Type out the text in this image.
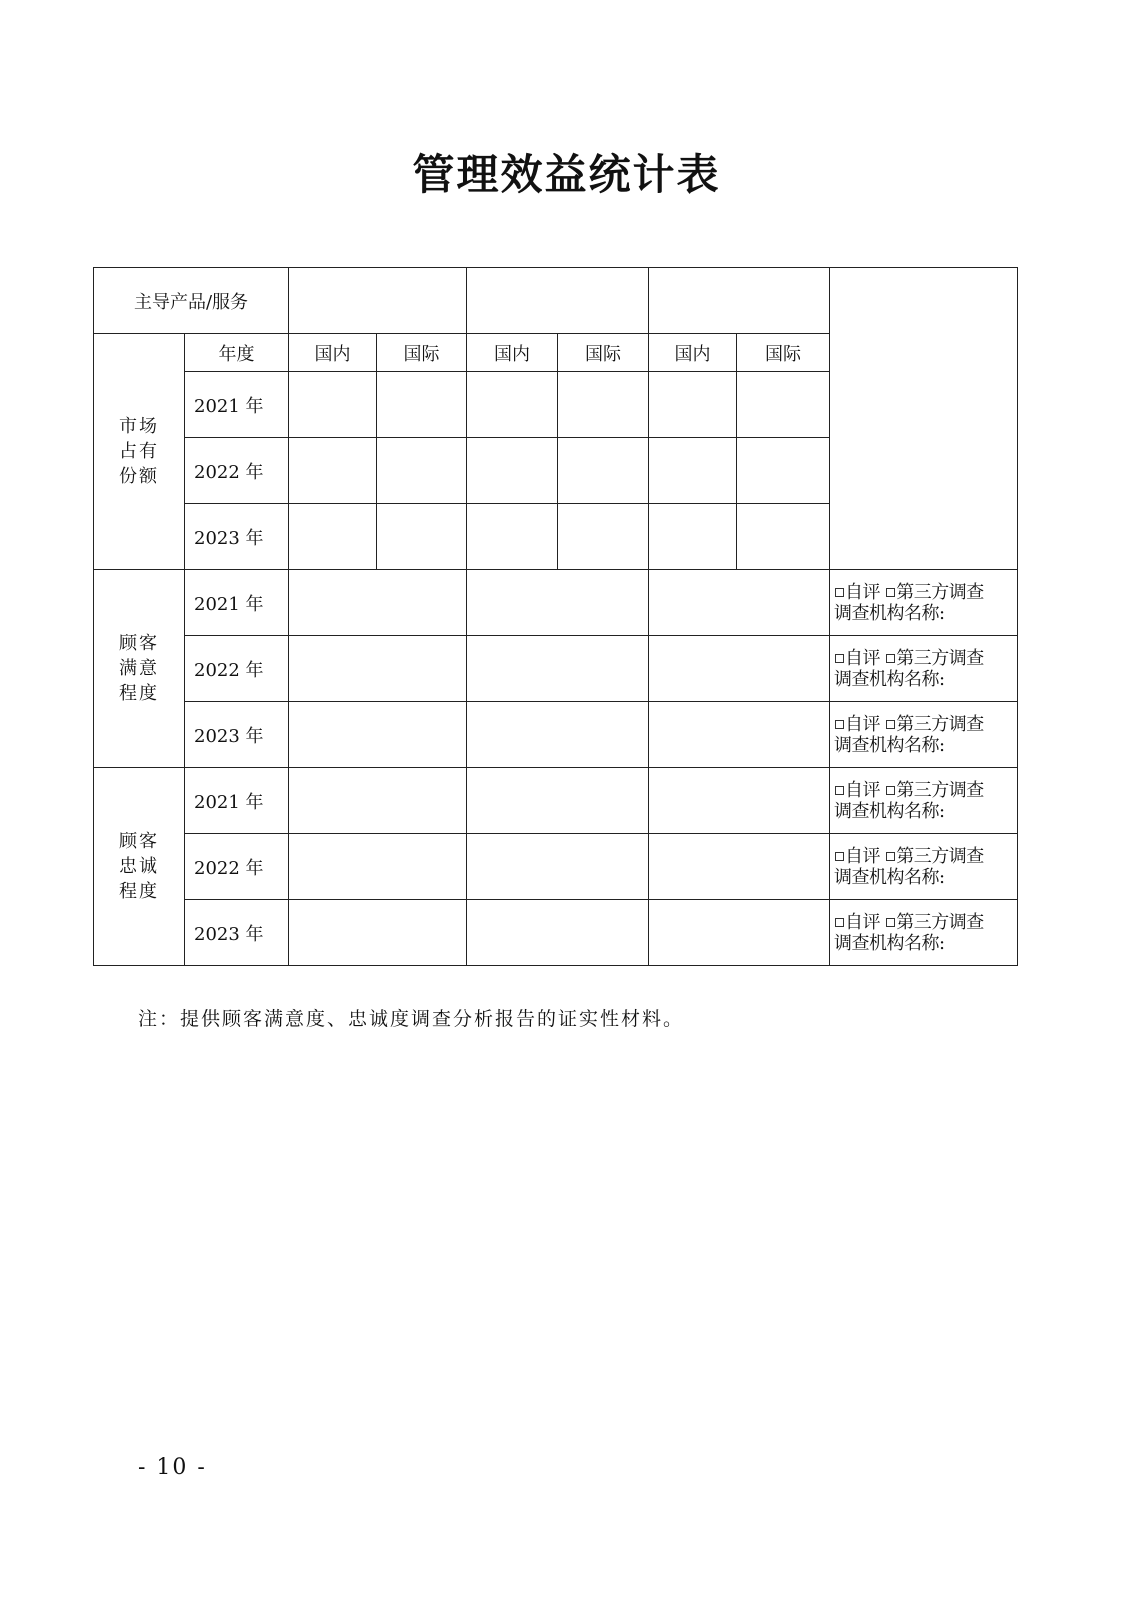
管理效益统计表
主导产品/服务								

市场
占有
份额	年度	国内	国际	国内	国际	国内	国际	
	2021 年							
	2022 年							
	2023 年							

顾客
满意
程度	2021 年							自评 第三方调查
调查机构名称:

	2022 年							自评 第三方调查
调查机构名称:

	2023 年							自评 第三方调查
调查机构名称:

顾客
忠诚
程度	2021 年							自评 第三方调查
调查机构名称:

	2022 年							自评 第三方调查
调查机构名称:

	2023 年							自评 第三方调查
调查机构名称:
注：提供顾客满意度、忠诚度调查分析报告的证实性材料。
- 10 -
